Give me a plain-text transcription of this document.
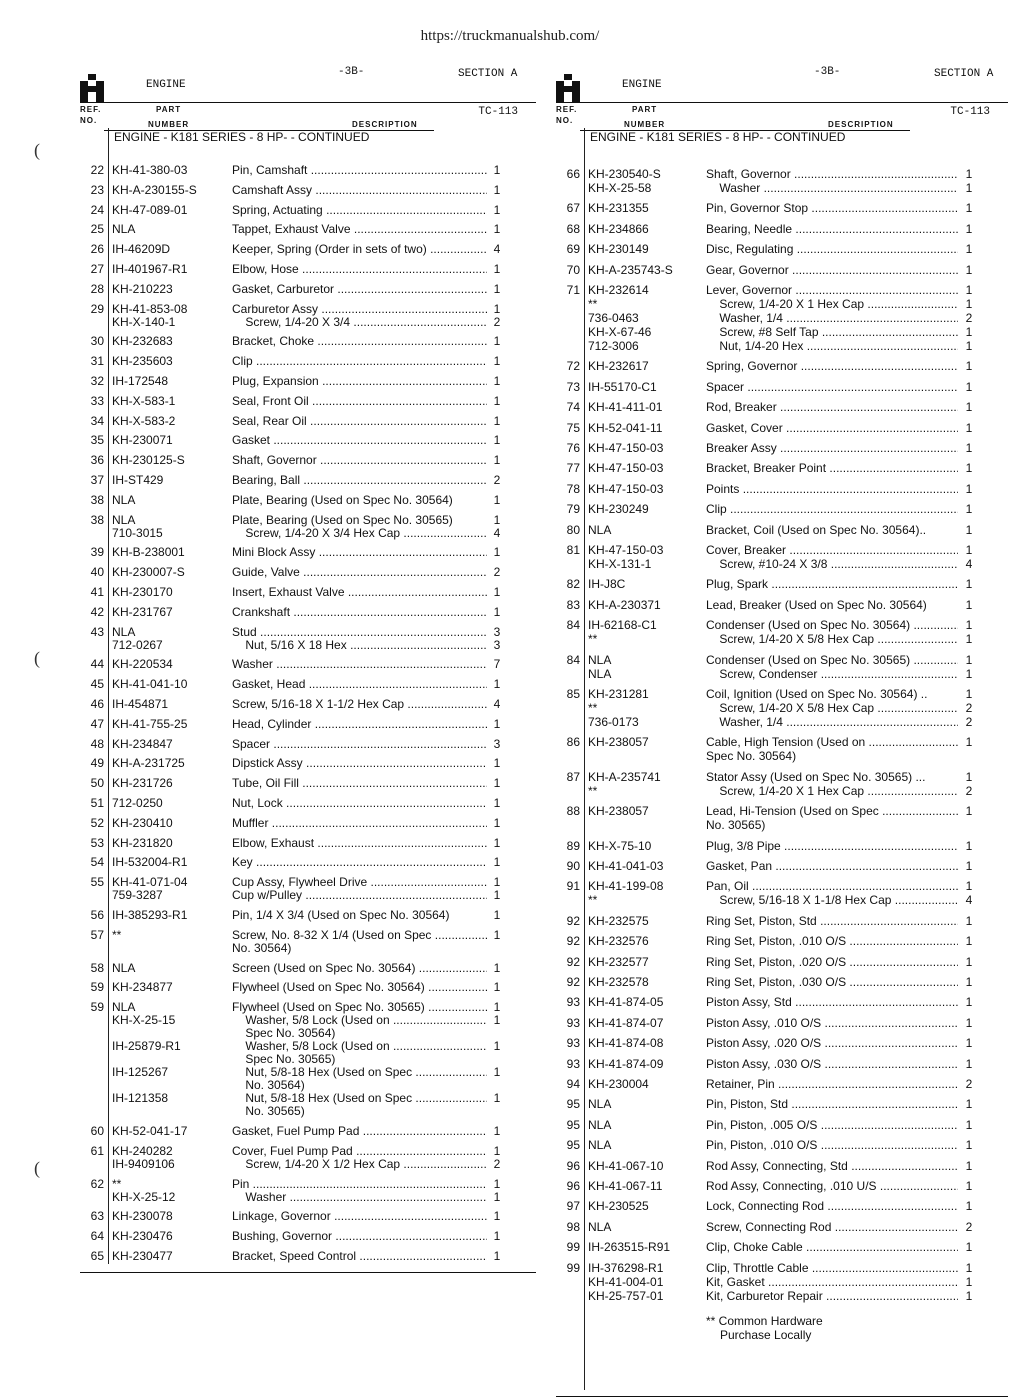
https://truckmanualshub.com/
(
(
(
ENGINE
-3B-	SECTION A
REF.
NO.
PART
NUMBER	DESCRIPTION
TC-113
ENGINE - K181 SERIES - 8 HP- - CONTINUED
22 KH-41-380-03	Pin, Camshaft .....	1
23 KH-A-230155-S	Camshaft Assy .....	1
24 KH-47-089-01	Spring, Actuating .....	1
25 NLA	Tappet, Exhaust Valve .....	1
26 IH-46209D	Keeper, Spring (Order in sets of two) .....	4
27 IH-401967-R1	Elbow, Hose .....	1
28 KH-210223	Gasket, Carburetor .....	1
29 KH-41-853-08	Carburetor Assy .....	1
KH-X-140-1	Screw, 1/4-20 X 3/4 .....	2
30 KH-232683	Bracket, Choke .....	1
31 KH-235603	Clip .....	1
32 IH-172548	Plug, Expansion .....	1
33 KH-X-583-1	Seal, Front Oil .....	1
34 KH-X-583-2	Seal, Rear Oil .....	1
35 KH-230071	Gasket .....	1
36 KH-230125-S	Shaft, Governor .....	1
37 IH-ST429	Bearing, Ball .....	2
38 NLA	Plate, Bearing (Used on Spec No. 30564)	1
38 NLA	Plate, Bearing (Used on Spec No. 30565)	1
710-3015	Screw, 1/4-20 X 3/4 Hex Cap .....	4
39 KH-B-238001	Mini Block Assy .....	1
40 KH-230007-S	Guide, Valve .....	2
41 KH-230170	Insert, Exhaust Valve .....	1
42 KH-231767	Crankshaft .....	1
43 NLA	Stud .....	3
712-0267	Nut, 5/16 X 18 Hex .....	3
44 KH-220534	Washer .....	7
45 KH-41-041-10	Gasket, Head .....	1
46 IH-454871	Screw, 5/16-18 X 1-1/2 Hex Cap .....	4
47 KH-41-755-25	Head, Cylinder .....	1
48 KH-234847	Spacer .....	3
49 KH-A-231725	Dipstick Assy .....	1
50 KH-231726	Tube, Oil Fill .....	1
51 712-0250	Nut, Lock .....	1
52 KH-230410	Muffler .....	1
53 KH-231820	Elbow, Exhaust .....	1
54 IH-532004-R1	Key .....	1
55 KH-41-071-04	Cup Assy, Flywheel Drive .....	1
759-3287	Cup w/Pulley .....	1
56 IH-385293-R1	Pin, 1/4 X 3/4 (Used on Spec No. 30564)	1
57 **	Screw, No. 8-32 X 1/4 (Used on Spec .....	1
No. 30564)
58 NLA	Screen (Used on Spec No. 30564) .....	1
59 KH-234877	Flywheel (Used on Spec No. 30564) .....	1
59 NLA	Flywheel (Used on Spec No. 30565) .....	1
KH-X-25-15	Washer, 5/8 Lock (Used on .....	1
Spec No. 30564)
IH-25879-R1	Washer, 5/8 Lock (Used on .....	1
Spec No. 30565)
IH-125267	Nut, 5/8-18 Hex (Used on Spec .....	1
No. 30564)
IH-121358	Nut, 5/8-18 Hex (Used on Spec .....	1
No. 30565)
60 KH-52-041-17	Gasket, Fuel Pump Pad .....	1
61 KH-240282	Cover, Fuel Pump Pad .....	1
IH-9409106	Screw, 1/4-20 X 1/2 Hex Cap .....	2
62 **	Pin .....	1
KH-X-25-12	Washer .....	1
63 KH-230078	Linkage, Governor .....	1
64 KH-230476	Bushing, Governor .....	1
65 KH-230477	Bracket, Speed Control .....	1
ENGINE
-3B-	SECTION A
REF.
NO.
PART
NUMBER	DESCRIPTION
TC-113
ENGINE - K181 SERIES - 8 HP- - CONTINUED
** Common Hardware
Purchase Locally
66 KH-230540-S	Shaft, Governor .....	1
KH-X-25-58	Washer .....	1
67 KH-231355	Pin, Governor Stop .....	1
68 KH-234866	Bearing, Needle .....	1
69 KH-230149	Disc, Regulating .....	1
70 KH-A-235743-S	Gear, Governor .....	1
71 KH-232614	Lever, Governor .....	1
**	Screw, 1/4-20 X 1 Hex Cap .....	1
736-0463	Washer, 1/4 .....	2
KH-X-67-46	Screw, #8 Self Tap .....	1
712-3006	Nut, 1/4-20 Hex .....	1
72 KH-232617	Spring, Governor .....	1
73 IH-55170-C1	Spacer .....	1
74 KH-41-411-01	Rod, Breaker .....	1
75 KH-52-041-11	Gasket, Cover .....	1
76 KH-47-150-03	Breaker Assy .....	1
77 KH-47-150-03	Bracket, Breaker Point .....	1
78 KH-47-150-03	Points .....	1
79 KH-230249	Clip .....	1
80 NLA	Bracket, Coil (Used on Spec No. 30564)..	1
81 KH-47-150-03	Cover, Breaker .....	1
KH-X-131-1	Screw, #10-24 X 3/8 .....	4
82 IH-J8C	Plug, Spark .....	1
83 KH-A-230371	Lead, Breaker (Used on Spec No. 30564)	1
84 IH-62168-C1	Condenser (Used on Spec No. 30564) .....	1
**	Screw, 1/4-20 X 5/8 Hex Cap .....	1
84 NLA	Condenser (Used on Spec No. 30565) .....	1
NLA	Screw, Condenser .....	1
85 KH-231281	Coil, Ignition (Used on Spec No. 30564) ..	1
**	Screw, 1/4-20 X 5/8 Hex Cap .....	2
736-0173	Washer, 1/4 .....	2
86 KH-238057	Cable, High Tension (Used on .....	1
Spec No. 30564)
87 KH-A-235741	Stator Assy (Used on Spec No. 30565) ...	1
**	Screw, 1/4-20 X 1 Hex Cap .....	2
88 KH-238057	Lead, Hi-Tension (Used on Spec .....	1
No. 30565)
89 KH-X-75-10	Plug, 3/8 Pipe .....	1
90 KH-41-041-03	Gasket, Pan .....	1
91 KH-41-199-08	Pan, Oil .....	1
**	Screw, 5/16-18 X 1-1/8 Hex Cap .....	4
92 KH-232575	Ring Set, Piston, Std .....	1
92 KH-232576	Ring Set, Piston, .010 O/S .....	1
92 KH-232577	Ring Set, Piston, .020 O/S .....	1
92 KH-232578	Ring Set, Piston, .030 O/S .....	1
93 KH-41-874-05	Piston Assy, Std .....	1
93 KH-41-874-07	Piston Assy, .010 O/S .....	1
93 KH-41-874-08	Piston Assy, .020 O/S .....	1
93 KH-41-874-09	Piston Assy, .030 O/S .....	1
94 KH-230004	Retainer, Pin .....	2
95 NLA	Pin, Piston, Std .....	1
95 NLA	Pin, Piston, .005 O/S .....	1
95 NLA	Pin, Piston, .010 O/S .....	1
96 KH-41-067-10	Rod Assy, Connecting, Std .....	1
96 KH-41-067-11	Rod Assy, Connecting, .010 U/S .....	1
97 KH-230525	Lock, Connecting Rod .....	1
98 NLA	Screw, Connecting Rod .....	2
99 IH-263515-R91	Clip, Choke Cable .....	1
99 IH-376298-R1	Clip, Throttle Cable .....	1
KH-41-004-01	Kit, Gasket .....	1
KH-25-757-01	Kit, Carburetor Repair .....	1
